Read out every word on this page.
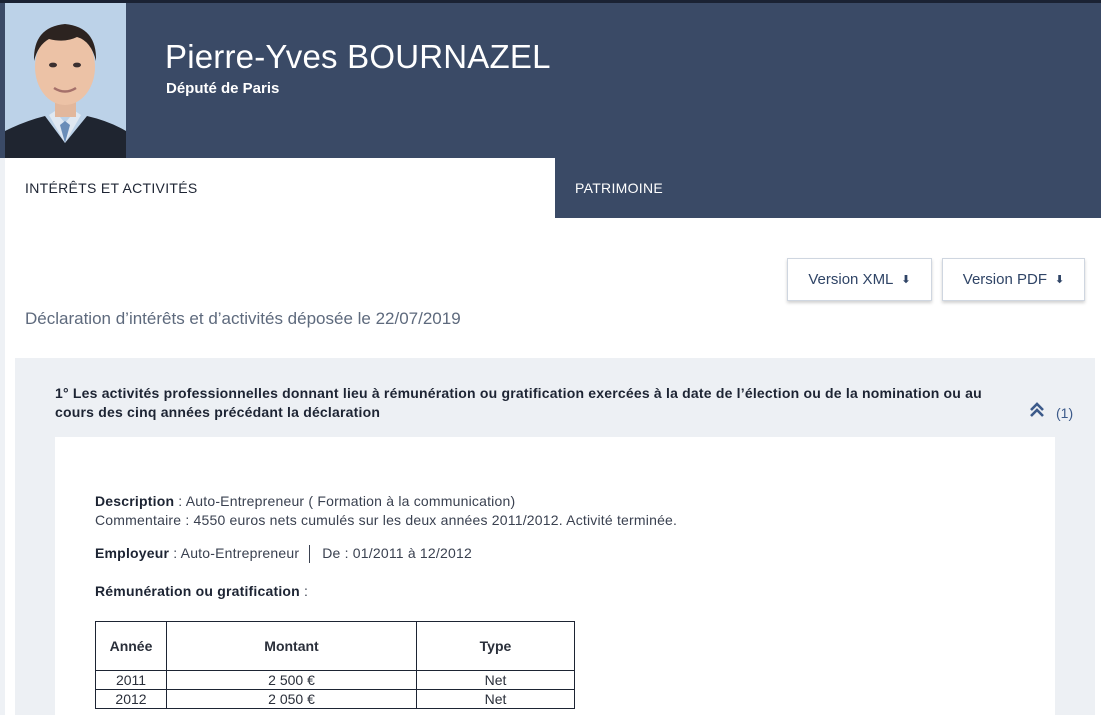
Pierre-Yves BOURNAZEL
Député de Paris
INTÉRÊTS ET ACTIVITÉS	PATRIMOINE
Version XML ⬇	Version PDF ⬇
Déclaration d’intérêts et d’activités déposée le 22/07/2019
1° Les activités professionnelles donnant lieu à rémunération ou gratification exercées à la date de l’élection ou de la nomination ou au cours des cinq années précédant la déclaration	(1)
Description : Auto-Entrepreneur ( Formation à la communication)
Commentaire : 4550 euros nets cumulés sur les deux années 2011/2012. Activité terminée.
Employeur : Auto-Entrepreneur De : 01/2011 à 12/2012
Rémunération ou gratification :
Année	Montant	Type
2011	2 500 €	Net
2012	2 050 €	Net
